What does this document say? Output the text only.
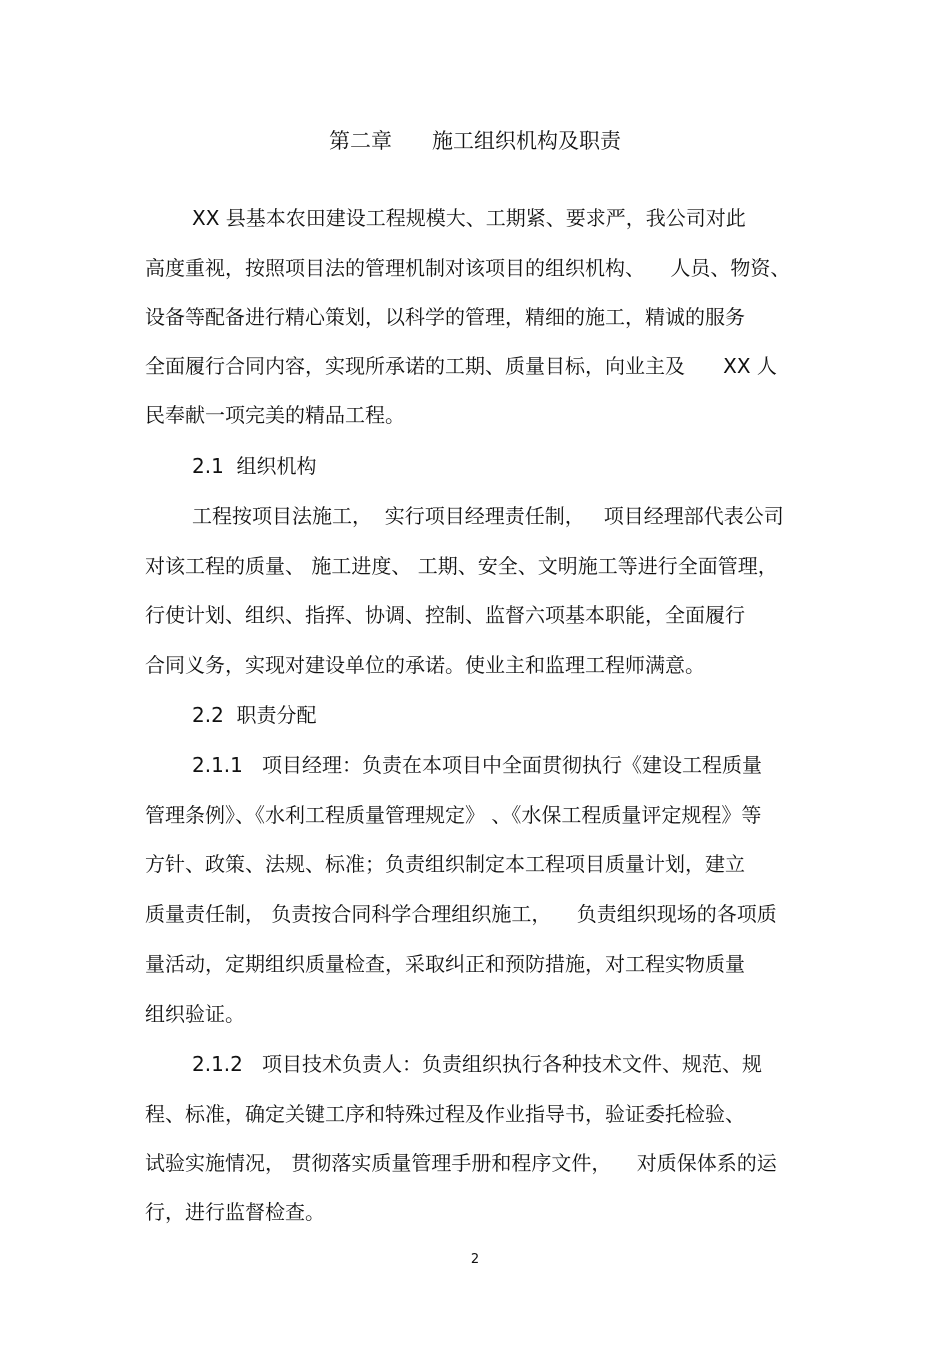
第二章      施工组织机构及职责
XX 县基本农田建设工程规模大、工期紧、要求严，我公司对此
高度重视，按照项目法的管理机制对该项目的组织机构、    人员、物资、
设备等配备进行精心策划，以科学的管理，精细的施工，精诚的服务
全面履行合同内容，实现所承诺的工期、质量目标，向业主及      XX 人
民奉献一项完美的精品工程。
2.1  组织机构
工程按项目法施工，  实行项目经理责任制，   项目经理部代表公司
对该工程的质量、 施工进度、 工期、安全、文明施工等进行全面管理，
行使计划、组织、指挥、协调、控制、监督六项基本职能，全面履行
合同义务，实现对建设单位的承诺。使业主和监理工程师满意。
2.2  职责分配
2.1.1   项目经理：负责在本项目中全面贯彻执行《建设工程质量
管理条例》、《水利工程质量管理规定》 、《水保工程质量评定规程》等
方针、政策、法规、标准；负责组织制定本工程项目质量计划，建立
质量责任制， 负责按合同科学合理组织施工，    负责组织现场的各项质
量活动，定期组织质量检查，采取纠正和预防措施，对工程实物质量
组织验证。
2.1.2   项目技术负责人：负责组织执行各种技术文件、规范、规
程、标准，确定关键工序和特殊过程及作业指导书，验证委托检验、
试验实施情况， 贯彻落实质量管理手册和程序文件，    对质保体系的运
行，进行监督检查。
2
